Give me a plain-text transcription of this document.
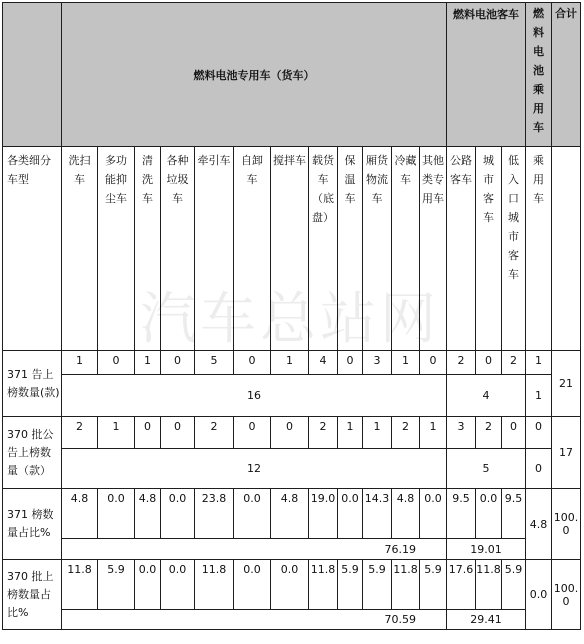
	燃料电池专用车（货车）												燃料电池客车			燃料电池乘用车	合计
各类细分车型	洗扫车	多功能抑尘车	清洗车	各种垃圾车	牵引车	自卸车	搅拌车	载货车（底盘）	保温车	厢货物流车	冷藏车	其他类专用车	公路客车	城市客车	低入口城市客车	乘用车	
371 告上榜数量(款)	1	0	1	0	5	0	1	4	0	3	1	0	2	0	2	1	21
	16												4			1	
370 批公告上榜数量（款）	2	1	0	0	2	0	0	2	1	1	2	1	3	2	0	0	17
	12												5			0	
371 榜数量占比%	4.8	0.0	4.8	0.0	23.8	0.0	4.8	19.0	0.0	14.3	4.8	0.0	9.5	0.0	9.5	4.8	100.0
	76.19												19.01				
370 批上榜数量占比%	11.8	5.9	0.0	0.0	11.8	0.0	0.0	11.8	5.9	5.9	11.8	5.9	17.6	11.8	5.9	0.0	100.0
	70.59												29.41				
汽车总站网
